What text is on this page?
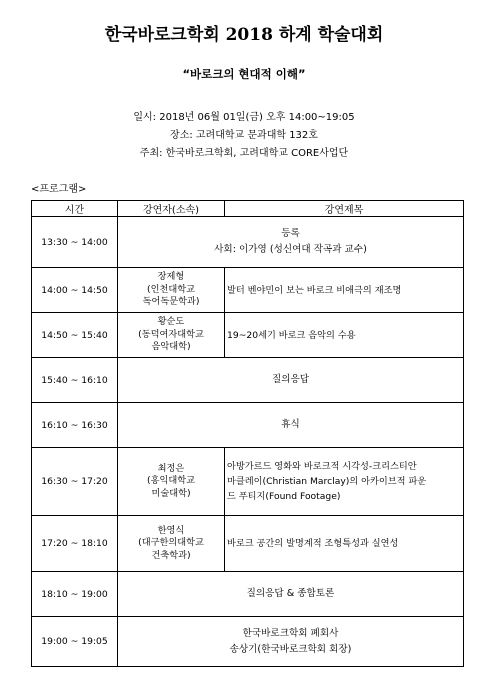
한국바로크학회 2018 하계 학술대회
“바로크의 현대적 이해”
일시: 2018년 06월 01일(금) 오후 14:00~19:05
장소: 고려대학교 문과대학 132호
주최: 한국바로크학회, 고려대학교 CORE사업단
<프로그램>
시간	강연자(소속)	강연제목
13:30 ~ 14:00	등록
사회: 이가영 (성신여대 작곡과 교수)	

14:00 ~ 14:50	장제형
(인천대학교
독어독문학과)	발터 벤야민이 보는 바로크 비애극의 재조명

14:50 ~ 15:40	황순도
(동덕여자대학교
음악대학)	19~20세기 바로크 음악의 수용

15:40 ~ 16:10	질의응답	

16:10 ~ 16:30	휴식	

16:30 ~ 17:20	최정은
(홍익대학교
미술대학)	아방가르드 영화와 바로크적 시각성-크리스티안
마클레이(Christian Marclay)의 아카이브적 파운
드 푸티지(Found Footage)

17:20 ~ 18:10	한영식
(대구한의대학교
건축학과)	바로크 공간의 발명계적 조형특성과 실연성

18:10 ~ 19:00	질의응답 & 종합토론	

19:00 ~ 19:05	한국바로크학회 폐회사
송상기(한국바로크학회 회장)	
